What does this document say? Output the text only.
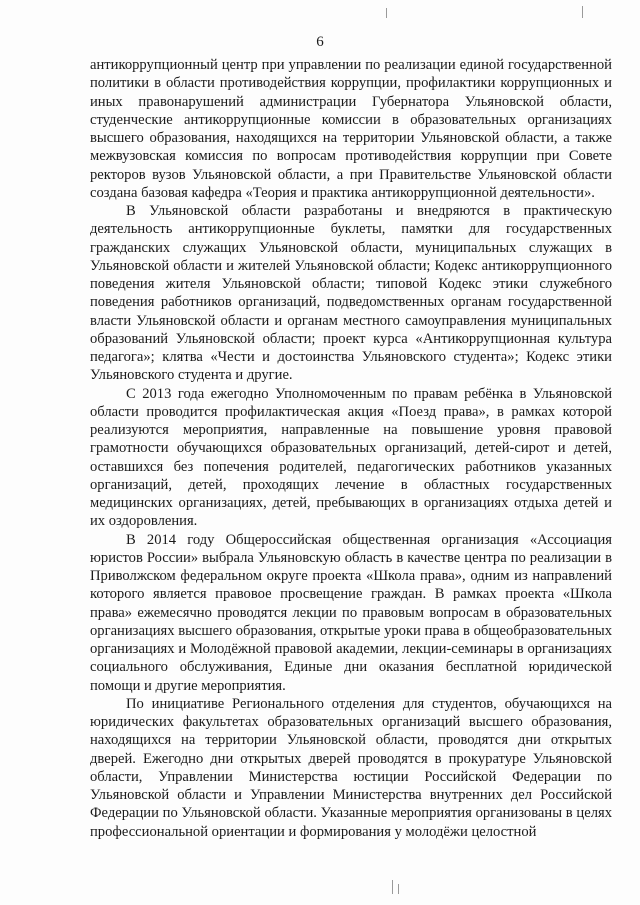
6

антикоррупционный центр при управлении по реализации единой государственной политики в области противодействия коррупции, профилактики коррупционных и иных правонарушений администрации Губернатора Ульяновской области, студенческие антикоррупционные комиссии в образовательных организациях высшего образования, находящихся на территории Ульяновской области, а также межвузовская комиссия по вопросам противодействия коррупции при Совете ректоров вузов Ульяновской области, а при Правительстве Ульяновской области создана базовая кафедра «Теория и практика антикоррупционной деятельности».

В Ульяновской области разработаны и внедряются в практическую деятельность антикоррупционные буклеты, памятки для государственных гражданских служащих Ульяновской области, муниципальных служащих в Ульяновской области и жителей Ульяновской области; Кодекс антикоррупционного поведения жителя Ульяновской области; типовой Кодекс этики служебного поведения работников организаций, подведомственных органам государственной власти Ульяновской области и органам местного самоуправления муниципальных образований Ульяновской области; проект курса «Антикоррупционная культура педагога»; клятва «Чести и достоинства Ульяновского студента»; Кодекс этики Ульяновского студента и другие.

С 2013 года ежегодно Уполномоченным по правам ребёнка в Ульяновской области проводится профилактическая акция «Поезд права», в рамках которой реализуются мероприятия, направленные на повышение уровня правовой грамотности обучающихся образовательных организаций, детей-сирот и детей, оставшихся без попечения родителей, педагогических работников указанных организаций, детей, проходящих лечение в областных государственных медицинских организациях, детей, пребывающих в организациях отдыха детей и их оздоровления.

В 2014 году Общероссийская общественная организация «Ассоциация юристов России» выбрала Ульяновскую область в качестве центра по реализации в Приволжском федеральном округе проекта «Школа права», одним из направлений которого является правовое просвещение граждан. В рамках проекта «Школа права» ежемесячно проводятся лекции по правовым вопросам в образовательных организациях высшего образования, открытые уроки права в общеобразовательных организациях и Молодёжной правовой академии, лекции-семинары в организациях социального обслуживания, Единые дни оказания бесплатной юридической помощи и другие мероприятия.

По инициативе Регионального отделения для студентов, обучающихся на юридических факультетах образовательных организаций высшего образования, находящихся на территории Ульяновской области, проводятся дни открытых дверей. Ежегодно дни открытых дверей проводятся в прокуратуре Ульяновской области, Управлении Министерства юстиции Российской Федерации по Ульяновской области и Управлении Министерства внутренних дел Российской Федерации по Ульяновской области. Указанные мероприятия организованы в целях профессиональной ориентации и формирования у молодёжи целостной
